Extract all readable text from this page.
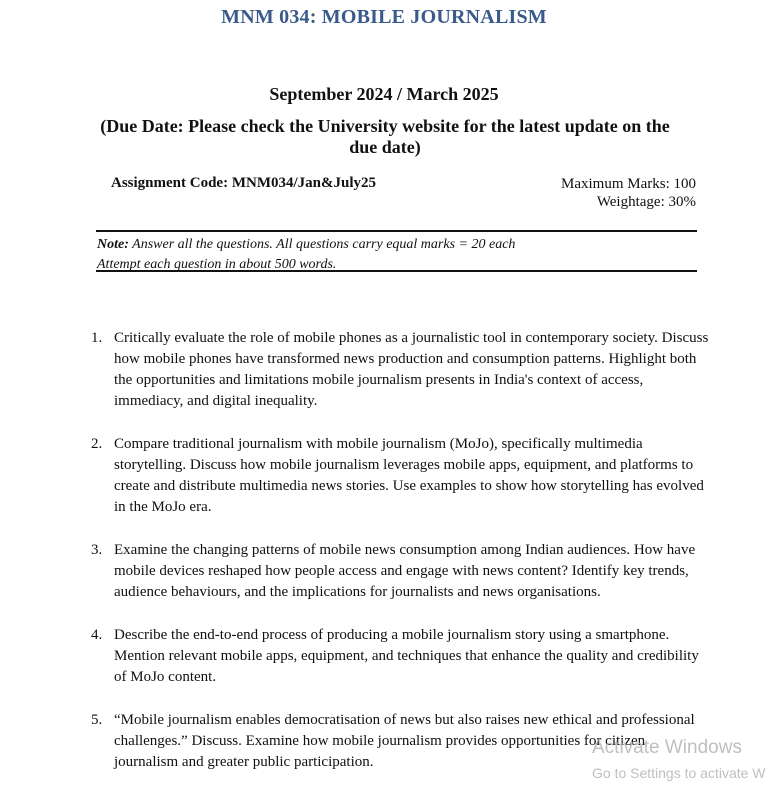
MNM 034: MOBILE JOURNALISM
September 2024 / March 2025
(Due Date: Please check the University website for the latest update on the due date)
Assignment Code: MNM034/Jan&July25	Maximum Marks: 100
Weightage: 30%
Note: Answer all the questions. All questions carry equal marks = 20 each
Attempt each question in about 500 words.
1. Critically evaluate the role of mobile phones as a journalistic tool in contemporary society. Discuss how mobile phones have transformed news production and consumption patterns. Highlight both the opportunities and limitations mobile journalism presents in India's context of access, immediacy, and digital inequality.
2. Compare traditional journalism with mobile journalism (MoJo), specifically multimedia storytelling. Discuss how mobile journalism leverages mobile apps, equipment, and platforms to create and distribute multimedia news stories. Use examples to show how storytelling has evolved in the MoJo era.
3. Examine the changing patterns of mobile news consumption among Indian audiences. How have mobile devices reshaped how people access and engage with news content? Identify key trends, audience behaviours, and the implications for journalists and news organisations.
4. Describe the end-to-end process of producing a mobile journalism story using a smartphone. Mention relevant mobile apps, equipment, and techniques that enhance the quality and credibility of MoJo content.
5. “Mobile journalism enables democratisation of news but also raises new ethical and professional challenges.” Discuss. Examine how mobile journalism provides opportunities for citizen journalism and greater public participation.
Activate Windows
Go to Settings to activate W
